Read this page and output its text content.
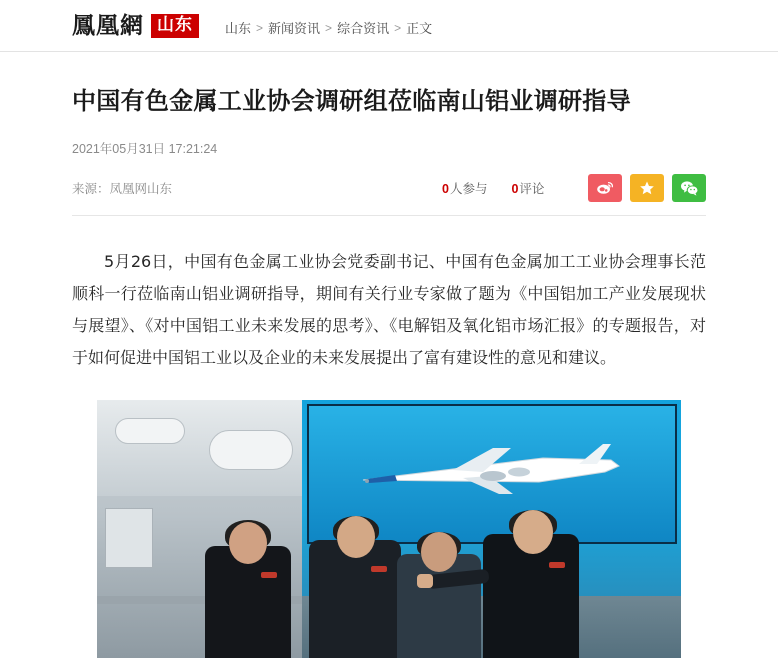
鳳凰網 山东	山东 > 新闻资讯 > 综合资讯 > 正文
中国有色金属工业协会调研组莅临南山铝业调研指导
2021年05月31日 17:21:24
来源：凤凰网山东	0人参与 0评论

5月26日，中国有色金属工业协会党委副书记、中国有色金属加工工业协会理事长范顺科一行莅临南山铝业调研指导，期间有关行业专家做了题为《中国铝加工产业发展现状与展望》、《对中国铝工业未来发展的思考》、《电解铝及氧化铝市场汇报》的专题报告，对于如何促进中国铝工业以及企业的未来发展提出了富有建设性的意见和建议。
